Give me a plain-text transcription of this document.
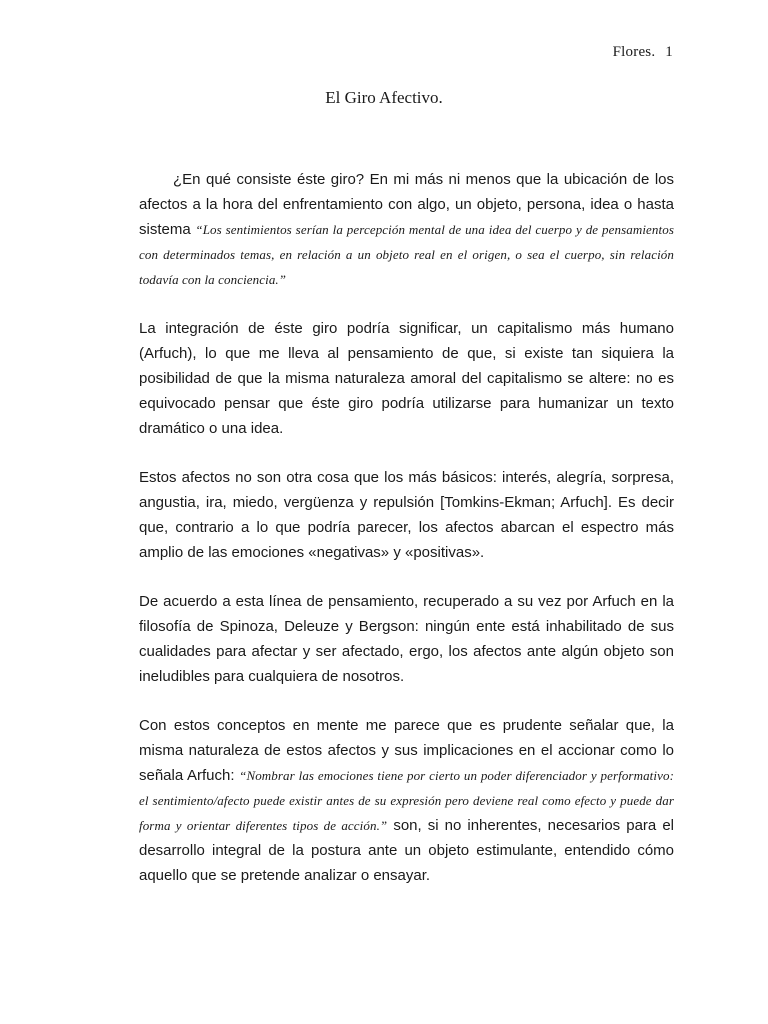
Flores. 1
El Giro Afectivo.

¿En qué consiste éste giro? En mi más ni menos que la ubicación de los afectos a la hora del enfrentamiento con algo, un objeto, persona, idea o hasta sistema “Los sentimientos serían la percepción mental de una idea del cuerpo y de pensamientos con determinados temas, en relación a un objeto real en el origen, o sea el cuerpo, sin relación todavía con la conciencia.”

La integración de éste giro podría significar, un capitalismo más humano (Arfuch), lo que me lleva al pensamiento de que, si existe tan siquiera la posibilidad de que la misma naturaleza amoral del capitalismo se altere: no es equivocado pensar que éste giro podría utilizarse para humanizar un texto dramático o una idea.

Estos afectos no son otra cosa que los más básicos: interés, alegría, sorpresa, angustia, ira, miedo, vergüenza y repulsión [Tomkins-Ekman; Arfuch]. Es decir que, contrario a lo que podría parecer, los afectos abarcan el espectro más amplio de las emociones «negativas» y «positivas».

De acuerdo a esta línea de pensamiento, recuperado a su vez por Arfuch en la filosofía de Spinoza, Deleuze y Bergson: ningún ente está inhabilitado de sus cualidades para afectar y ser afectado, ergo, los afectos ante algún objeto son ineludibles para cualquiera de nosotros.

Con estos conceptos en mente me parece que es prudente señalar que, la misma naturaleza de estos afectos y sus implicaciones en el accionar como lo señala Arfuch: “Nombrar las emociones tiene por cierto un poder diferenciador y performativo: el sentimiento/afecto puede existir antes de su expresión pero deviene real como efecto y puede dar forma y orientar diferentes tipos de acción.” son, si no inherentes, necesarios para el desarrollo integral de la postura ante un objeto estimulante, entendido cómo aquello que se pretende analizar o ensayar.
